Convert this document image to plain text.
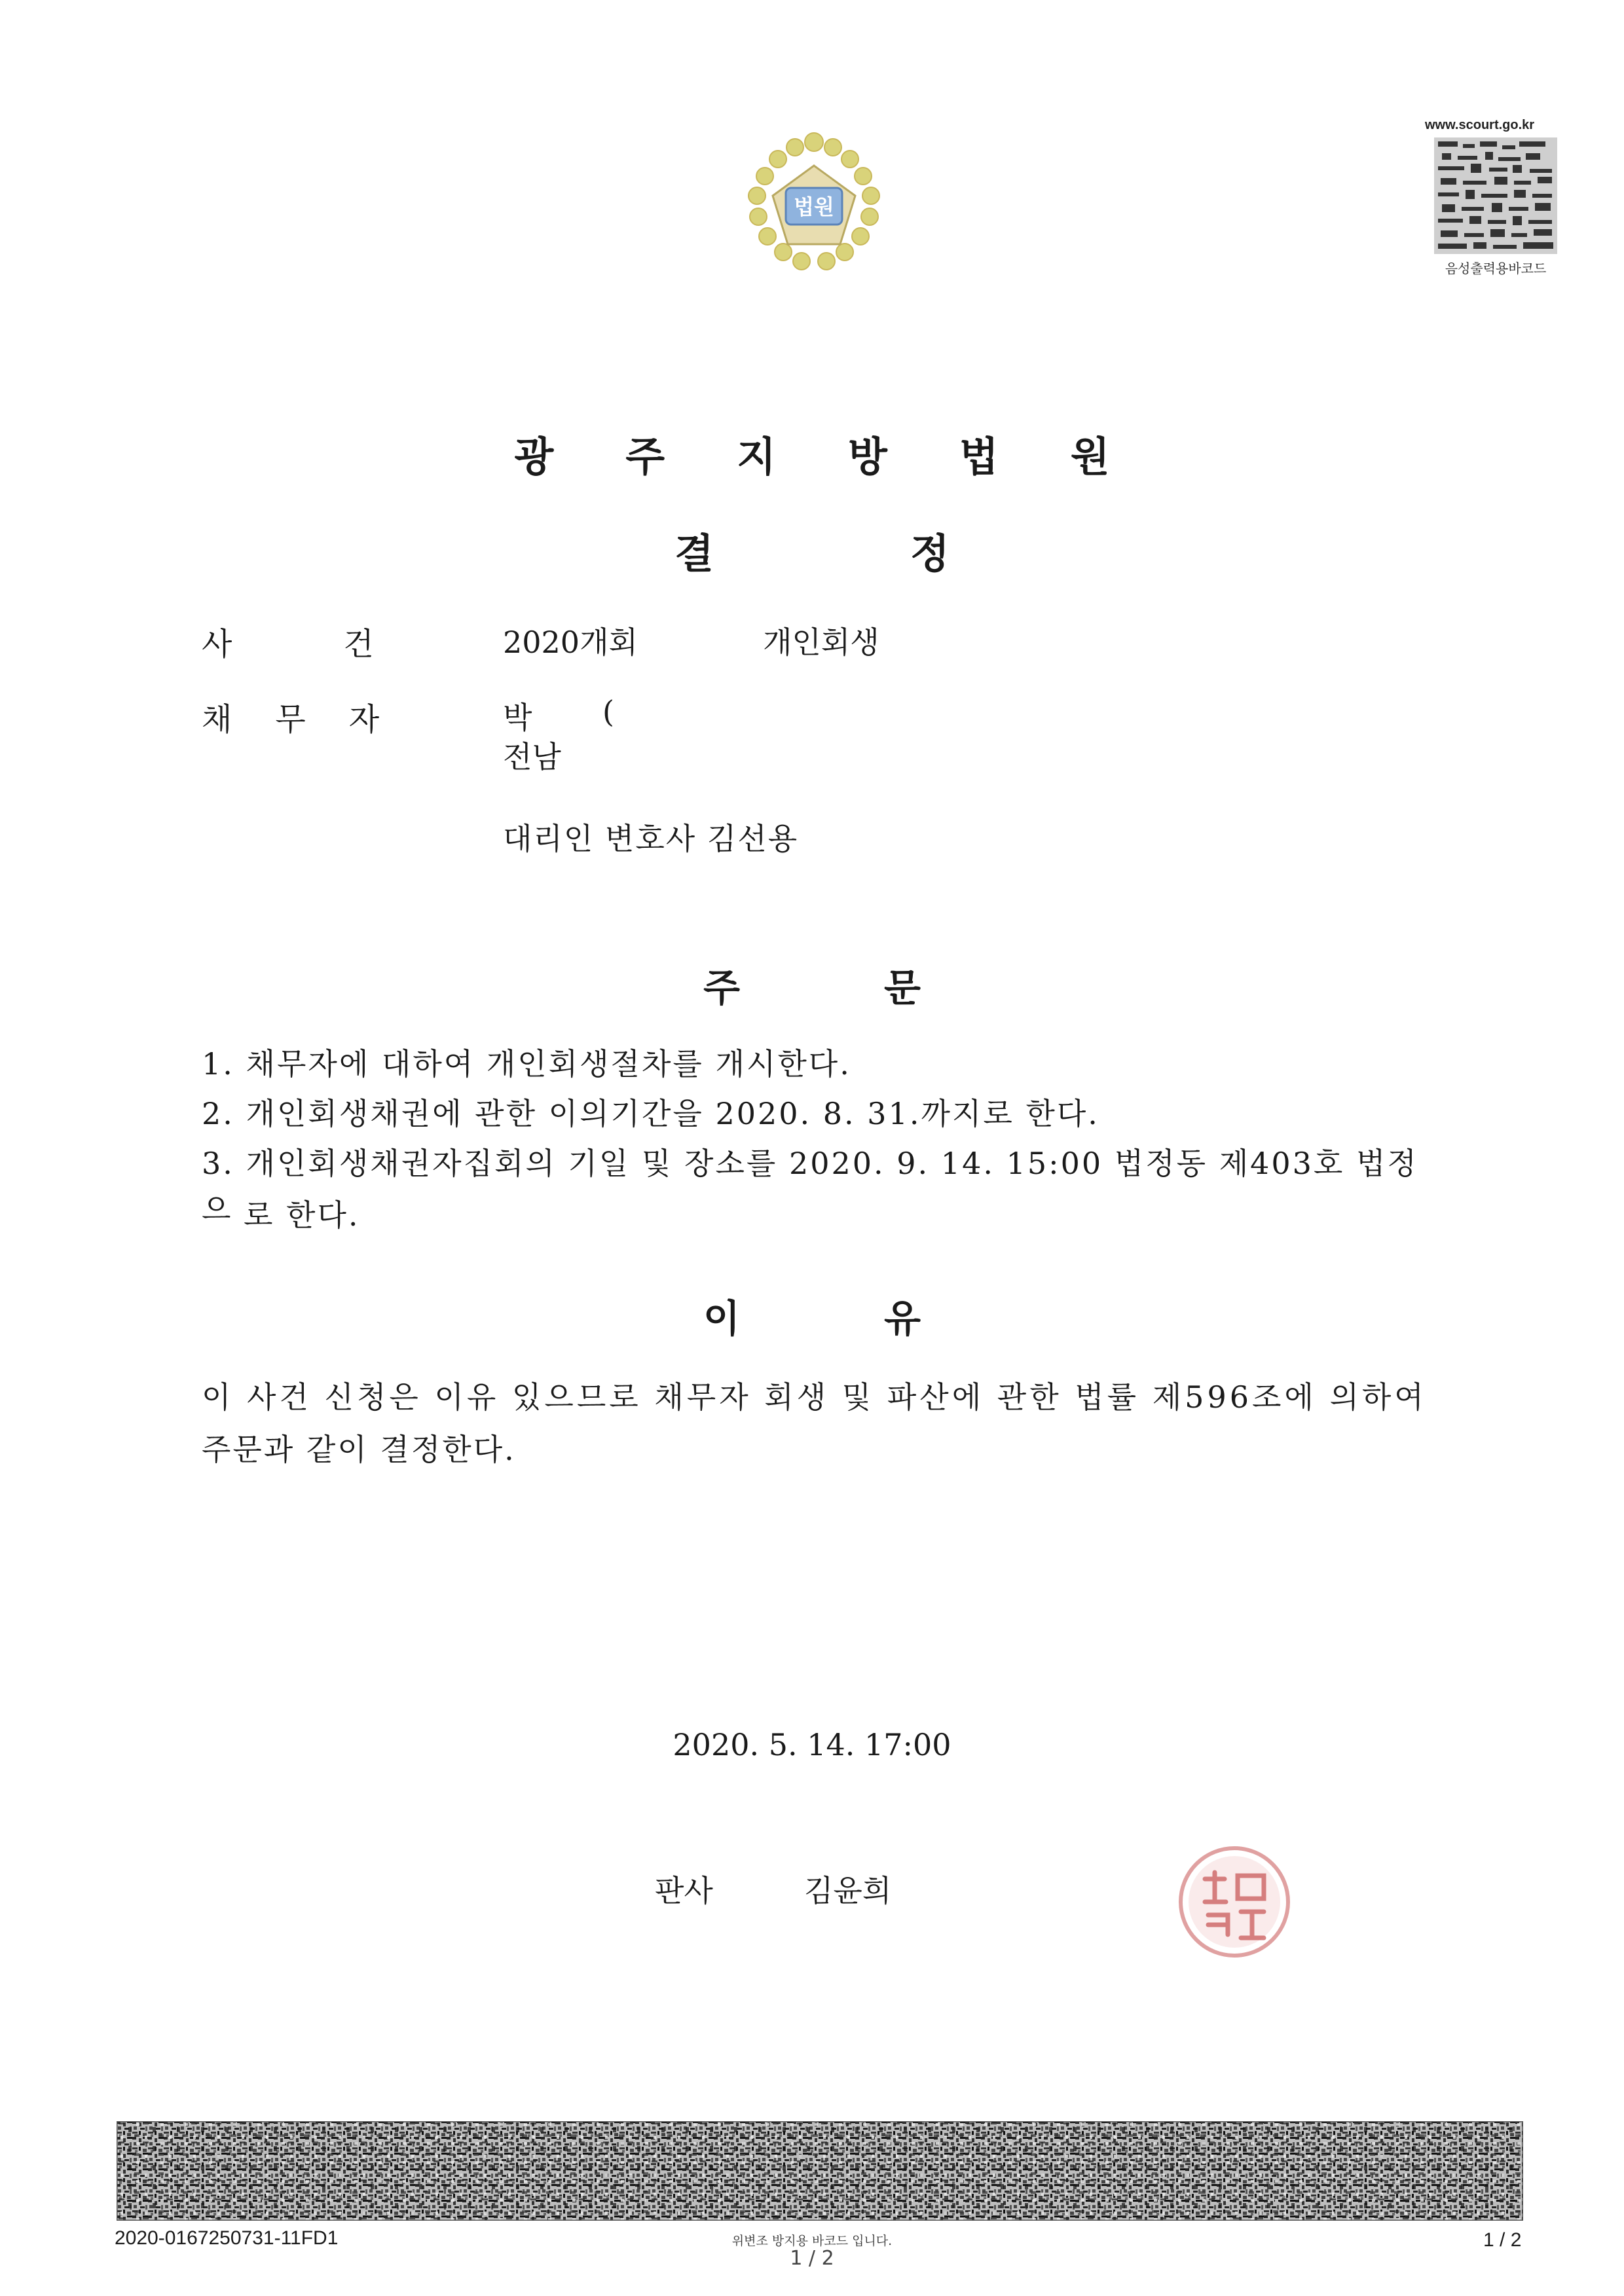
법원
www.scourt.go.kr
음성출력용바코드
광주지방법원
결정
사건 2020개회	개인회생
채무자	박 (
전남
대리인 변호사 김선용
주문
1. 채무자에 대하여 개인회생절차를 개시한다.
2. 개인회생채권에 관한 이의기간을 2020. 8. 31.까지로 한다.
3. 개인회생채권자집회의 기일 및 장소를 2020. 9. 14. 15:00 법정동 제403호 법정으 로 한다.
이유
이 사건 신청은 이유 있으므로 채무자 회생 및 파산에 관한 법률 제596조에 의하여
주문과 같이 결정한다.
2020. 5. 14. 17:00
판사	김윤희
2020-0167250731-11FD1	위변조 방지용 바코드 입니다.
1 / 2
1 / 2
